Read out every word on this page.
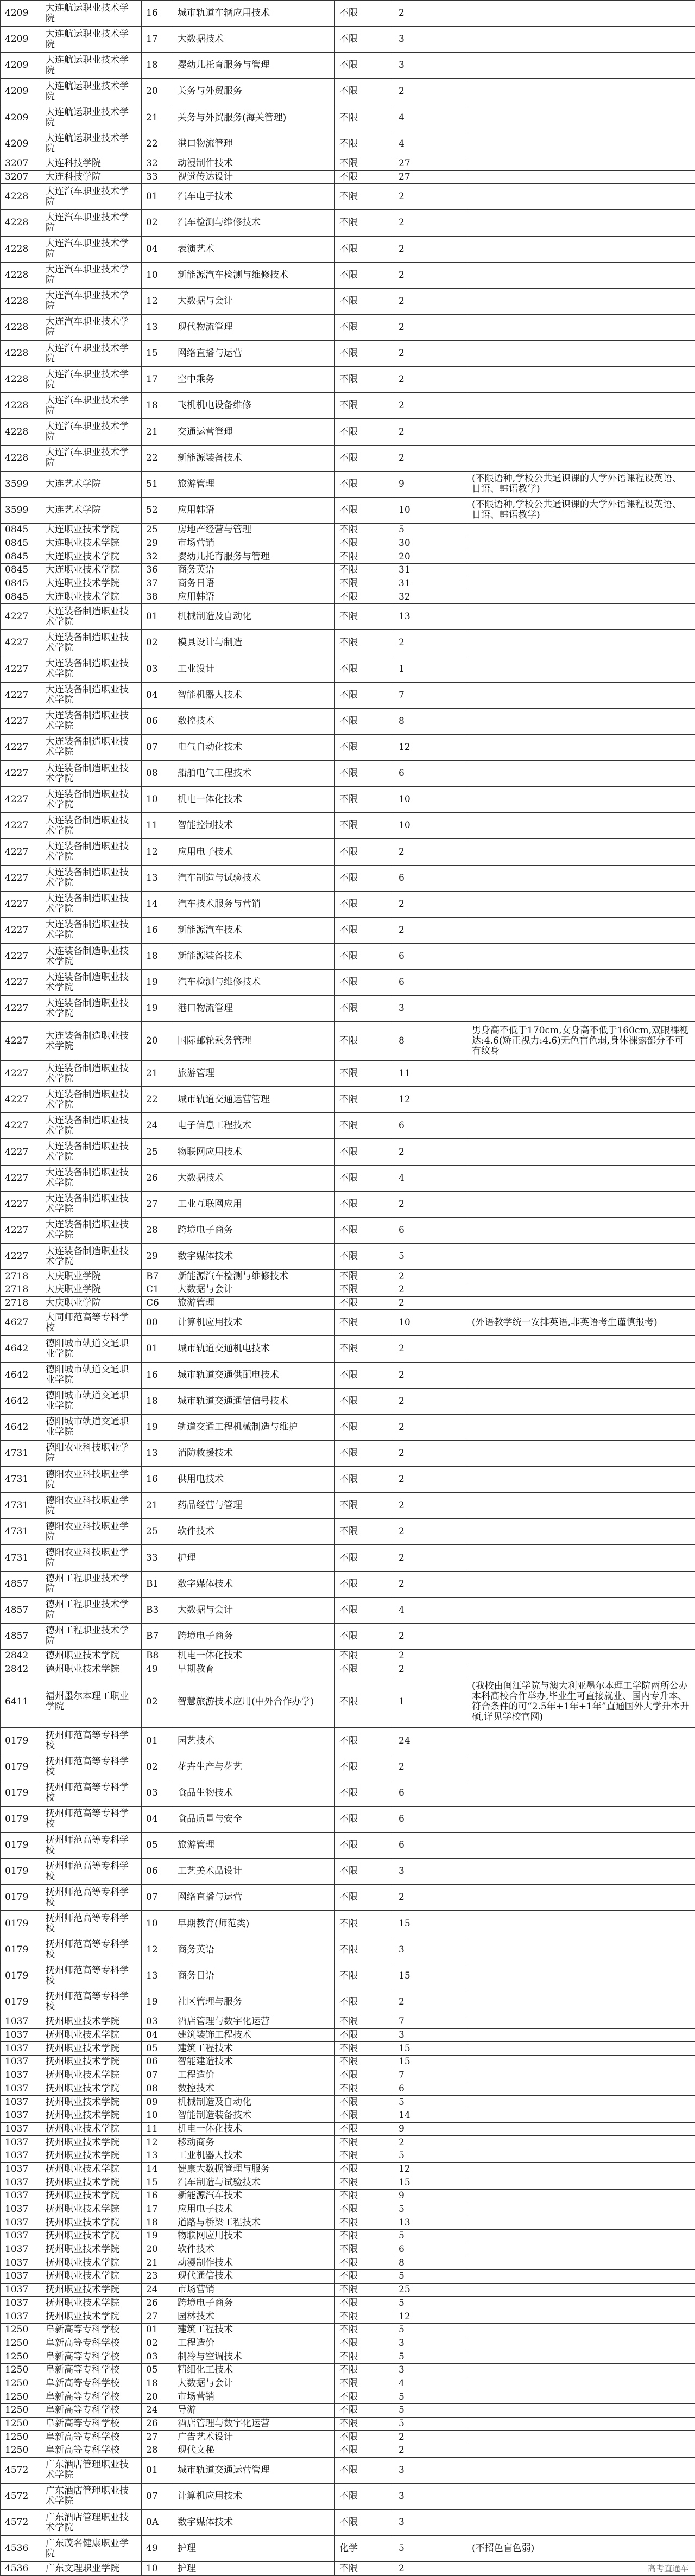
4209	大连航运职业技术学院	16	城市轨道车辆应用技术	不限	2	
4209	大连航运职业技术学院	17	大数据技术	不限	3	
4209	大连航运职业技术学院	18	婴幼儿托育服务与管理	不限	3	
4209	大连航运职业技术学院	20	关务与外贸服务	不限	2	
4209	大连航运职业技术学院	21	关务与外贸服务(海关管理)	不限	4	
4209	大连航运职业技术学院	22	港口物流管理	不限	4	
3207	大连科技学院	32	动漫制作技术	不限	27	
3207	大连科技学院	33	视觉传达设计	不限	27	
4228	大连汽车职业技术学院	01	汽车电子技术	不限	2	
4228	大连汽车职业技术学院	02	汽车检测与维修技术	不限	2	
4228	大连汽车职业技术学院	04	表演艺术	不限	2	
4228	大连汽车职业技术学院	10	新能源汽车检测与维修技术	不限	2	
4228	大连汽车职业技术学院	12	大数据与会计	不限	2	
4228	大连汽车职业技术学院	13	现代物流管理	不限	2	
4228	大连汽车职业技术学院	15	网络直播与运营	不限	2	
4228	大连汽车职业技术学院	17	空中乘务	不限	2	
4228	大连汽车职业技术学院	18	飞机机电设备维修	不限	2	
4228	大连汽车职业技术学院	21	交通运营管理	不限	2	
4228	大连汽车职业技术学院	22	新能源装备技术	不限	2	
3599	大连艺术学院	51	旅游管理	不限	9	(不限语种,学校公共通识课的大学外语课程设英语、日语、韩语教学)
3599	大连艺术学院	52	应用韩语	不限	10	(不限语种,学校公共通识课的大学外语课程设英语、日语、韩语教学)
0845	大连职业技术学院	25	房地产经营与管理	不限	5	
0845	大连职业技术学院	29	市场营销	不限	30	
0845	大连职业技术学院	32	婴幼儿托育服务与管理	不限	20	
0845	大连职业技术学院	36	商务英语	不限	31	
0845	大连职业技术学院	37	商务日语	不限	31	
0845	大连职业技术学院	38	应用韩语	不限	32	
4227	大连装备制造职业技术学院	01	机械制造及自动化	不限	13	
4227	大连装备制造职业技术学院	02	模具设计与制造	不限	2	
4227	大连装备制造职业技术学院	03	工业设计	不限	1	
4227	大连装备制造职业技术学院	04	智能机器人技术	不限	7	
4227	大连装备制造职业技术学院	06	数控技术	不限	8	
4227	大连装备制造职业技术学院	07	电气自动化技术	不限	12	
4227	大连装备制造职业技术学院	08	船舶电气工程技术	不限	6	
4227	大连装备制造职业技术学院	10	机电一体化技术	不限	10	
4227	大连装备制造职业技术学院	11	智能控制技术	不限	10	
4227	大连装备制造职业技术学院	12	应用电子技术	不限	2	
4227	大连装备制造职业技术学院	13	汽车制造与试验技术	不限	6	
4227	大连装备制造职业技术学院	14	汽车技术服务与营销	不限	2	
4227	大连装备制造职业技术学院	16	新能源汽车技术	不限	2	
4227	大连装备制造职业技术学院	18	新能源装备技术	不限	6	
4227	大连装备制造职业技术学院	19	汽车检测与维修技术	不限	6	
4227	大连装备制造职业技术学院	19	港口物流管理	不限	3	
4227	大连装备制造职业技术学院	20	国际邮轮乘务管理	不限	8	男身高不低于170cm,女身高不低于160cm,双眼裸视达:4.6(矫正视力:4.6)无色盲色弱,身体裸露部分不可有纹身
4227	大连装备制造职业技术学院	21	旅游管理	不限	11	
4227	大连装备制造职业技术学院	22	城市轨道交通运营管理	不限	12	
4227	大连装备制造职业技术学院	24	电子信息工程技术	不限	6	
4227	大连装备制造职业技术学院	25	物联网应用技术	不限	2	
4227	大连装备制造职业技术学院	26	大数据技术	不限	4	
4227	大连装备制造职业技术学院	27	工业互联网应用	不限	2	
4227	大连装备制造职业技术学院	28	跨境电子商务	不限	6	
4227	大连装备制造职业技术学院	29	数字媒体技术	不限	5	
2718	大庆职业学院	B7	新能源汽车检测与维修技术	不限	2	
2718	大庆职业学院	C1	大数据与会计	不限	2	
2718	大庆职业学院	C6	旅游管理	不限	2	
4627	大同师范高等专科学校	00	计算机应用技术	不限	10	(外语教学统一安排英语,非英语考生谨慎报考)
4642	德阳城市轨道交通职业学院	01	城市轨道交通机电技术	不限	2	
4642	德阳城市轨道交通职业学院	16	城市轨道交通供配电技术	不限	2	
4642	德阳城市轨道交通职业学院	18	城市轨道交通通信信号技术	不限	2	
4642	德阳城市轨道交通职业学院	19	轨道交通工程机械制造与维护	不限	2	
4731	德阳农业科技职业学院	13	消防救援技术	不限	2	
4731	德阳农业科技职业学院	16	供用电技术	不限	2	
4731	德阳农业科技职业学院	21	药品经营与管理	不限	2	
4731	德阳农业科技职业学院	25	软件技术	不限	2	
4731	德阳农业科技职业学院	33	护理	不限	2	
4857	德州工程职业技术学院	B1	数字媒体技术	不限	2	
4857	德州工程职业技术学院	B3	大数据与会计	不限	4	
4857	德州工程职业技术学院	B7	跨境电子商务	不限	2	
2842	德州职业技术学院	B8	机电一体化技术	不限	2	
2842	德州职业技术学院	49	早期教育	不限	2	
6411	福州墨尔本理工职业学院	02	智慧旅游技术应用(中外合作办学)	不限	1	(我校由闽江学院与澳大利亚墨尔本理工学院两所公办本科高校合作举办,毕业生可直接就业、国内专升本、符合条件的可“2.5年+1年+1年”直通国外大学升本升硕,详见学校官网)
0179	抚州师范高等专科学校	01	园艺技术	不限	24	
0179	抚州师范高等专科学校	02	花卉生产与花艺	不限	2	
0179	抚州师范高等专科学校	03	食品生物技术	不限	6	
0179	抚州师范高等专科学校	04	食品质量与安全	不限	6	
0179	抚州师范高等专科学校	05	旅游管理	不限	6	
0179	抚州师范高等专科学校	06	工艺美术品设计	不限	3	
0179	抚州师范高等专科学校	07	网络直播与运营	不限	2	
0179	抚州师范高等专科学校	10	早期教育(师范类)	不限	15	
0179	抚州师范高等专科学校	12	商务英语	不限	3	
0179	抚州师范高等专科学校	13	商务日语	不限	15	
0179	抚州师范高等专科学校	19	社区管理与服务	不限	2	
1037	抚州职业技术学院	03	酒店管理与数字化运营	不限	7	
1037	抚州职业技术学院	04	建筑装饰工程技术	不限	3	
1037	抚州职业技术学院	05	建筑工程技术	不限	15	
1037	抚州职业技术学院	06	智能建造技术	不限	15	
1037	抚州职业技术学院	07	工程造价	不限	7	
1037	抚州职业技术学院	08	数控技术	不限	6	
1037	抚州职业技术学院	09	机械制造及自动化	不限	5	
1037	抚州职业技术学院	10	智能制造装备技术	不限	14	
1037	抚州职业技术学院	11	机电一体化技术	不限	9	
1037	抚州职业技术学院	12	移动商务	不限	2	
1037	抚州职业技术学院	13	工业机器人技术	不限	5	
1037	抚州职业技术学院	14	健康大数据管理与服务	不限	12	
1037	抚州职业技术学院	15	汽车制造与试验技术	不限	15	
1037	抚州职业技术学院	16	新能源汽车技术	不限	9	
1037	抚州职业技术学院	17	应用电子技术	不限	5	
1037	抚州职业技术学院	18	道路与桥梁工程技术	不限	13	
1037	抚州职业技术学院	19	物联网应用技术	不限	5	
1037	抚州职业技术学院	20	软件技术	不限	6	
1037	抚州职业技术学院	21	动漫制作技术	不限	8	
1037	抚州职业技术学院	23	现代通信技术	不限	5	
1037	抚州职业技术学院	24	市场营销	不限	25	
1037	抚州职业技术学院	26	跨境电子商务	不限	5	
1037	抚州职业技术学院	27	园林技术	不限	12	
1250	阜新高等专科学校	01	建筑工程技术	不限	5	
1250	阜新高等专科学校	02	工程造价	不限	3	
1250	阜新高等专科学校	03	制冷与空调技术	不限	5	
1250	阜新高等专科学校	05	精细化工技术	不限	3	
1250	阜新高等专科学校	18	大数据与会计	不限	4	
1250	阜新高等专科学校	20	市场营销	不限	5	
1250	阜新高等专科学校	24	导游	不限	5	
1250	阜新高等专科学校	26	酒店管理与数字化运营	不限	5	
1250	阜新高等专科学校	27	广告艺术设计	不限	2	
1250	阜新高等专科学校	28	现代文秘	不限	2	
4572	广东酒店管理职业技术学院	01	城市轨道交通运营管理	不限	3	
4572	广东酒店管理职业技术学院	07	计算机应用技术	不限	3	
4572	广东酒店管理职业技术学院	0A	数字媒体技术	不限	3	
4536	广东茂名健康职业学院	49	护理	化学	5	(不招色盲色弱)
4536	广东文理职业学院	10	护理	不限	2		高考直通车
